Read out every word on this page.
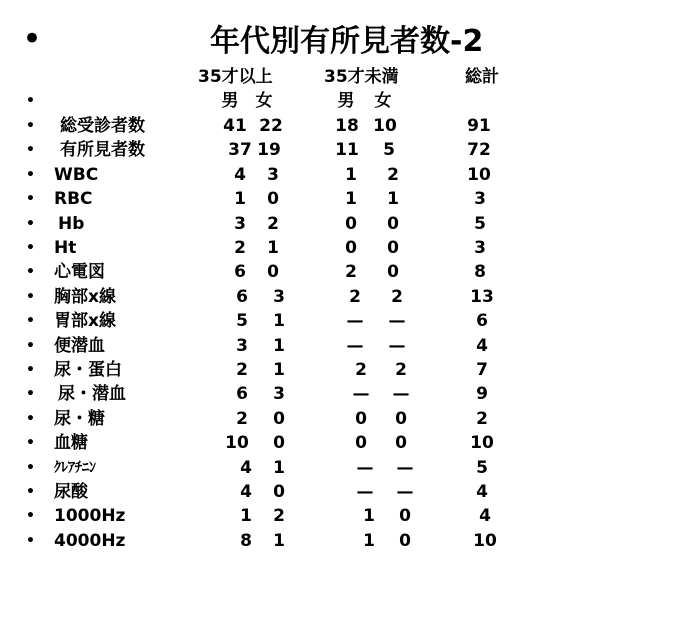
•	年代別有所見者数-2
35才以上	35才未満	総計
•	男	女	男	女
• 総受診者数	41 22	18 10	91
• 有所見者数	37 19	11	5	72
• WBC	4	3	1	2	10
• RBC	1	0	1	1	3
• Hb	3	2	0	0	5
• Ht	2	1	0	0	3
• 心電図	6	0	2	0	8
• 胸部x線	6	3	2	2	13
• 胃部x線	5	1	—	—	6
• 便潜血	3	1	—	—	4
• 尿・蛋白	2	1	2	2	7
• 尿・潜血	6	3	—	—	9
• 尿・糖	2	0	0	0	2
• 血糖	10	0	0	0	10
• ｸﾚｱﾁﾆﾝ	4	1	—	—	5
• 尿酸	4	0	—	—	4
• 1000Hz	1	2	1	0	4
• 4000Hz	8	1	1	0	10
